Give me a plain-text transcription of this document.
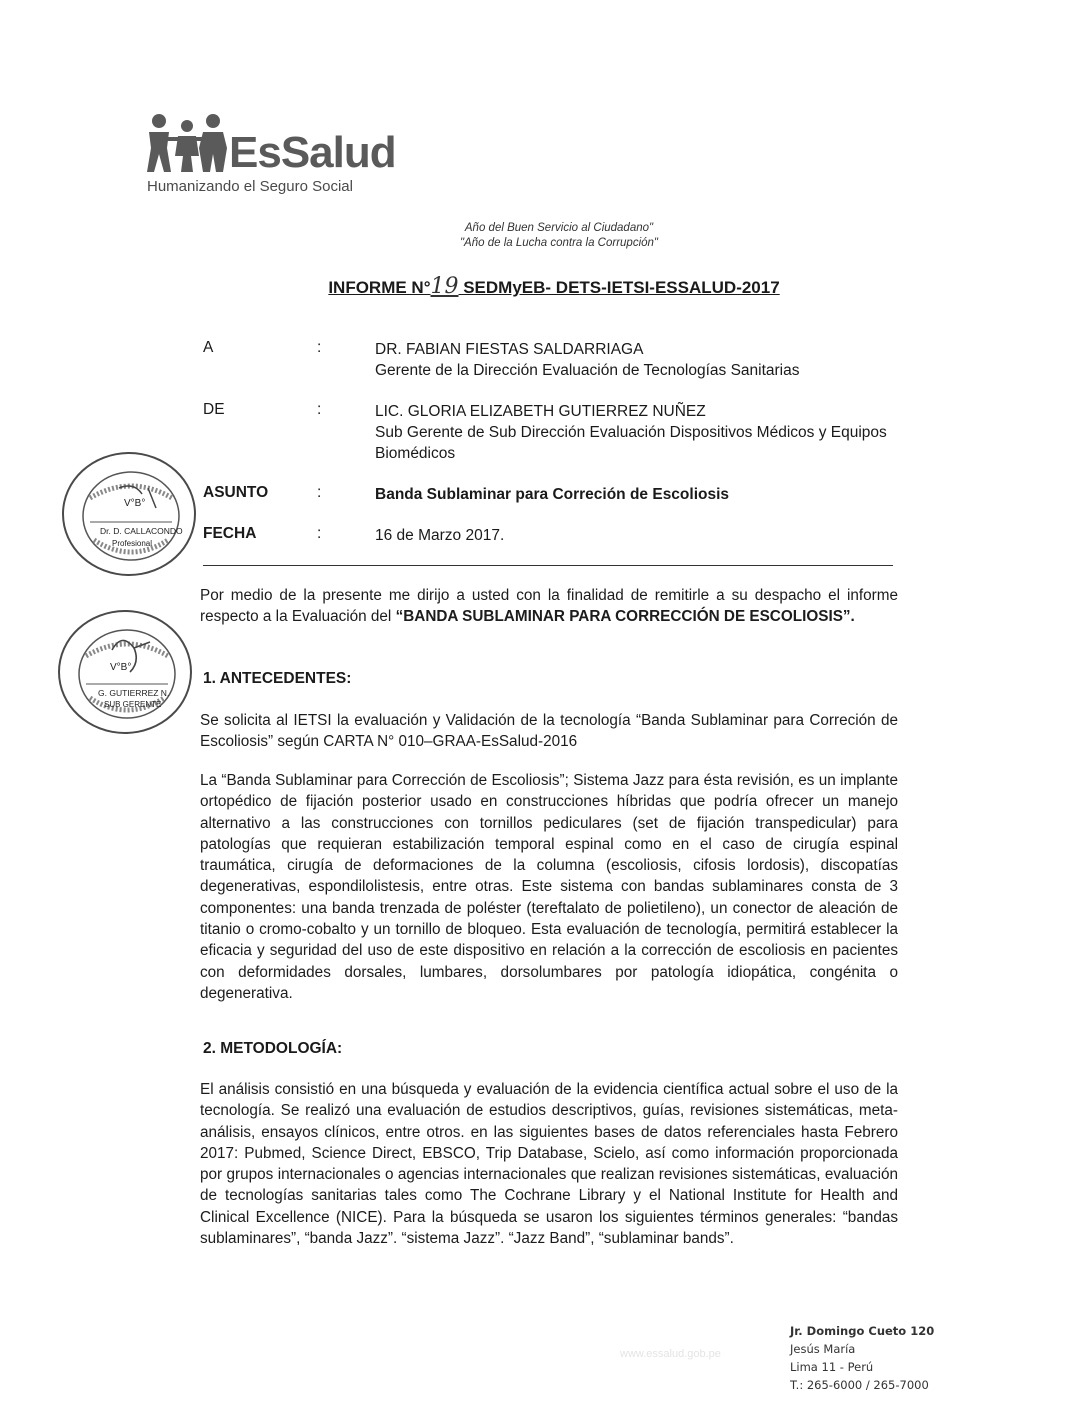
EsSalud
Humanizando el Seguro Social
Año del Buen Servicio al Ciudadano"
"Año de la Lucha contra la Corrupción"
INFORME N°19 SEDMyEB- DETS-IETSI-ESSALUD-2017
A	:	DR. FABIAN FIESTAS SALDARRIAGA
Gerente de la Dirección Evaluación de Tecnologías Sanitarias
DE	:	LIC. GLORIA ELIZABETH GUTIERREZ NUÑEZ
Sub Gerente de Sub Dirección Evaluación Dispositivos Médicos y Equipos Biomédicos
ASUNTO	:	Banda Sublaminar para Correción de Escoliosis
FECHA	:	16 de Marzo 2017.
V°B°
Dr. D. CALLACONDO
Profesional
V°B°
G. GUTIERREZ N.
SUB GERENTE
Por medio de la presente me dirijo a usted con la finalidad de remitirle a su despacho el informe respecto a la Evaluación del “BANDA SUBLAMINAR PARA CORRECCIÓN DE ESCOLIOSIS”.
1. ANTECEDENTES:
Se solicita al IETSI la evaluación y Validación de la tecnología “Banda Sublaminar para Correción de Escoliosis” según CARTA N° 010–GRAA-EsSalud-2016
La “Banda Sublaminar para Corrección de Escoliosis”; Sistema Jazz para ésta revisión, es un implante ortopédico de fijación posterior usado en construcciones híbridas que podría ofrecer un manejo alternativo a las construcciones con tornillos pediculares (set de fijación transpedicular) para patologías que requieran estabilización temporal espinal como en el caso de cirugía espinal traumática, cirugía de deformaciones de la columna (escoliosis, cifosis lordosis), discopatías degenerativas, espondilolistesis, entre otras. Este sistema con bandas sublaminares consta de 3 componentes: una banda trenzada de poléster (tereftalato de polietileno), un conector de aleación de titanio o cromo-cobalto y un tornillo de bloqueo. Esta evaluación de tecnología, permitirá establecer la eficacia y seguridad del uso de este dispositivo en relación a la corrección de escoliosis en pacientes con deformidades dorsales, lumbares, dorsolumbares por patología idiopática, congénita o degenerativa.
2. METODOLOGÍA:
El análisis consistió en una búsqueda y evaluación de la evidencia científica actual sobre el uso de la tecnología. Se realizó una evaluación de estudios descriptivos, guías, revisiones sistemáticas, meta-análisis, ensayos clínicos, entre otros. en las siguientes bases de datos referenciales hasta Febrero 2017: Pubmed, Science Direct, EBSCO, Trip Database, Scielo, así como información proporcionada por grupos internacionales o agencias internacionales que realizan revisiones sistemáticas, evaluación de tecnologías sanitarias tales como The Cochrane Library y el National Institute for Health and Clinical Excellence (NICE). Para la búsqueda se usaron los siguientes términos generales: “bandas sublaminares”, “banda Jazz”. “sistema Jazz”. “Jazz Band”, “sublaminar bands”.
www.essalud.gob.pe
Jr. Domingo Cueto 120
Jesús María
Lima 11 - Perú
T.: 265-6000 / 265-7000
